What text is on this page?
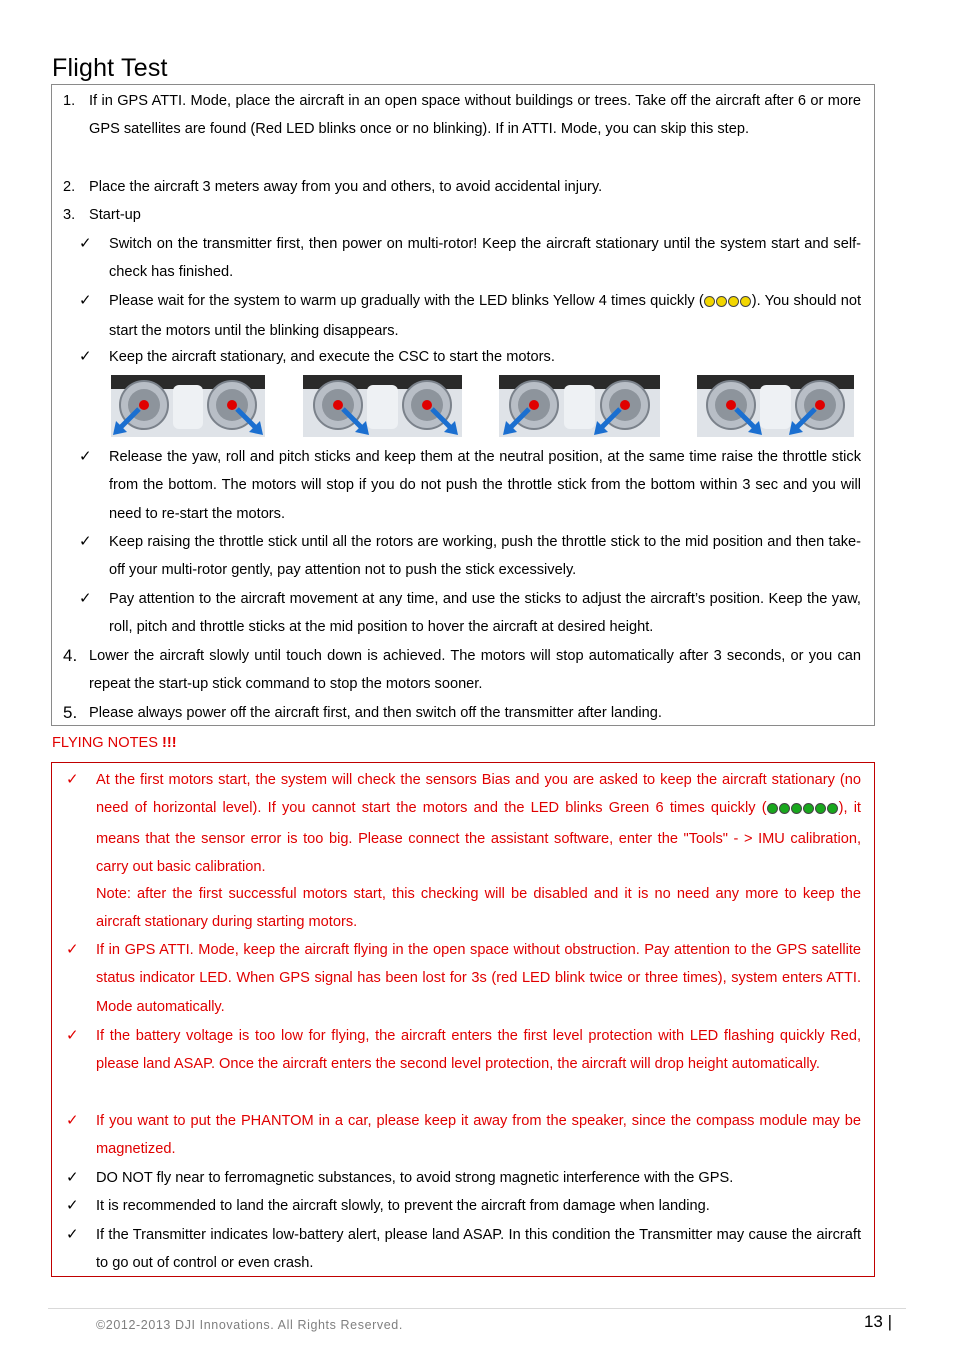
Flight Test
1. If in GPS ATTI. Mode, place the aircraft in an open space without buildings or trees. Take off the aircraft after 6 or more GPS satellites are found (Red LED blinks once or no blinking). If in ATTI. Mode, you can skip this step.

2. Place the aircraft 3 meters away from you and others, to avoid accidental injury.

3. Start-up

✓ Switch on the transmitter first, then power on multi-rotor! Keep the aircraft stationary until the system start and self-check has finished.

✓ Please wait for the system to warm up gradually with the LED blinks Yellow 4 times quickly (	). You should not start the motors until the blinking disappears.

✓ Keep the aircraft stationary, and execute the CSC to start the motors.

✓ Release the yaw, roll and pitch sticks and keep them at the neutral position, at the same time raise the throttle stick from the bottom. The motors will stop if you do not push the throttle stick from the bottom within 3 sec and you will need to re-start the motors.

✓ Keep raising the throttle stick until all the rotors are working, push the throttle stick to the mid position and then take-off your multi-rotor gently, pay attention not to push the stick excessively.

✓ Pay attention to the aircraft movement at any time, and use the sticks to adjust the aircraft’s position. Keep the yaw, roll, pitch and throttle sticks at the mid position to hover the aircraft at desired height.

4. Lower the aircraft slowly until touch down is achieved. The motors will stop automatically after 3 seconds, or you can repeat the start-up stick command to stop the motors sooner.

5. Please always power off the aircraft first, and then switch off the transmitter after landing.

FLYING NOTES !!!
✓ At the first motors start, the system will check the sensors Bias and you are asked to keep the aircraft stationary (no need of horizontal level). If you cannot start the motors and the LED blinks Green 6 times quickly (	), it means that the sensor error is too big. Please connect the assistant software, enter the "Tools" - > IMU calibration, carry out basic calibration.

Note: after the first successful motors start, this checking will be disabled and it is no need any more to keep the aircraft stationary during starting motors.

✓ If in GPS ATTI. Mode, keep the aircraft flying in the open space without obstruction. Pay attention to the GPS satellite status indicator LED. When GPS signal has been lost for 3s (red LED blink twice or three times), system enters ATTI. Mode automatically.

✓ If the battery voltage is too low for flying, the aircraft enters the first level protection with LED flashing quickly Red, please land ASAP. Once the aircraft enters the second level protection, the aircraft will drop height automatically.

✓ If you want to put the PHANTOM in a car, please keep it away from the speaker, since the compass module may be magnetized.

✓ DO NOT fly near to ferromagnetic substances, to avoid strong magnetic interference with the GPS.

✓ It is recommended to land the aircraft slowly, to prevent the aircraft from damage when landing.

✓ If the Transmitter indicates low-battery alert, please land ASAP. In this condition the Transmitter may cause the aircraft to go out of control or even crash.

©2012-2013 DJI Innovations. All Rights Reserved.	13 |
